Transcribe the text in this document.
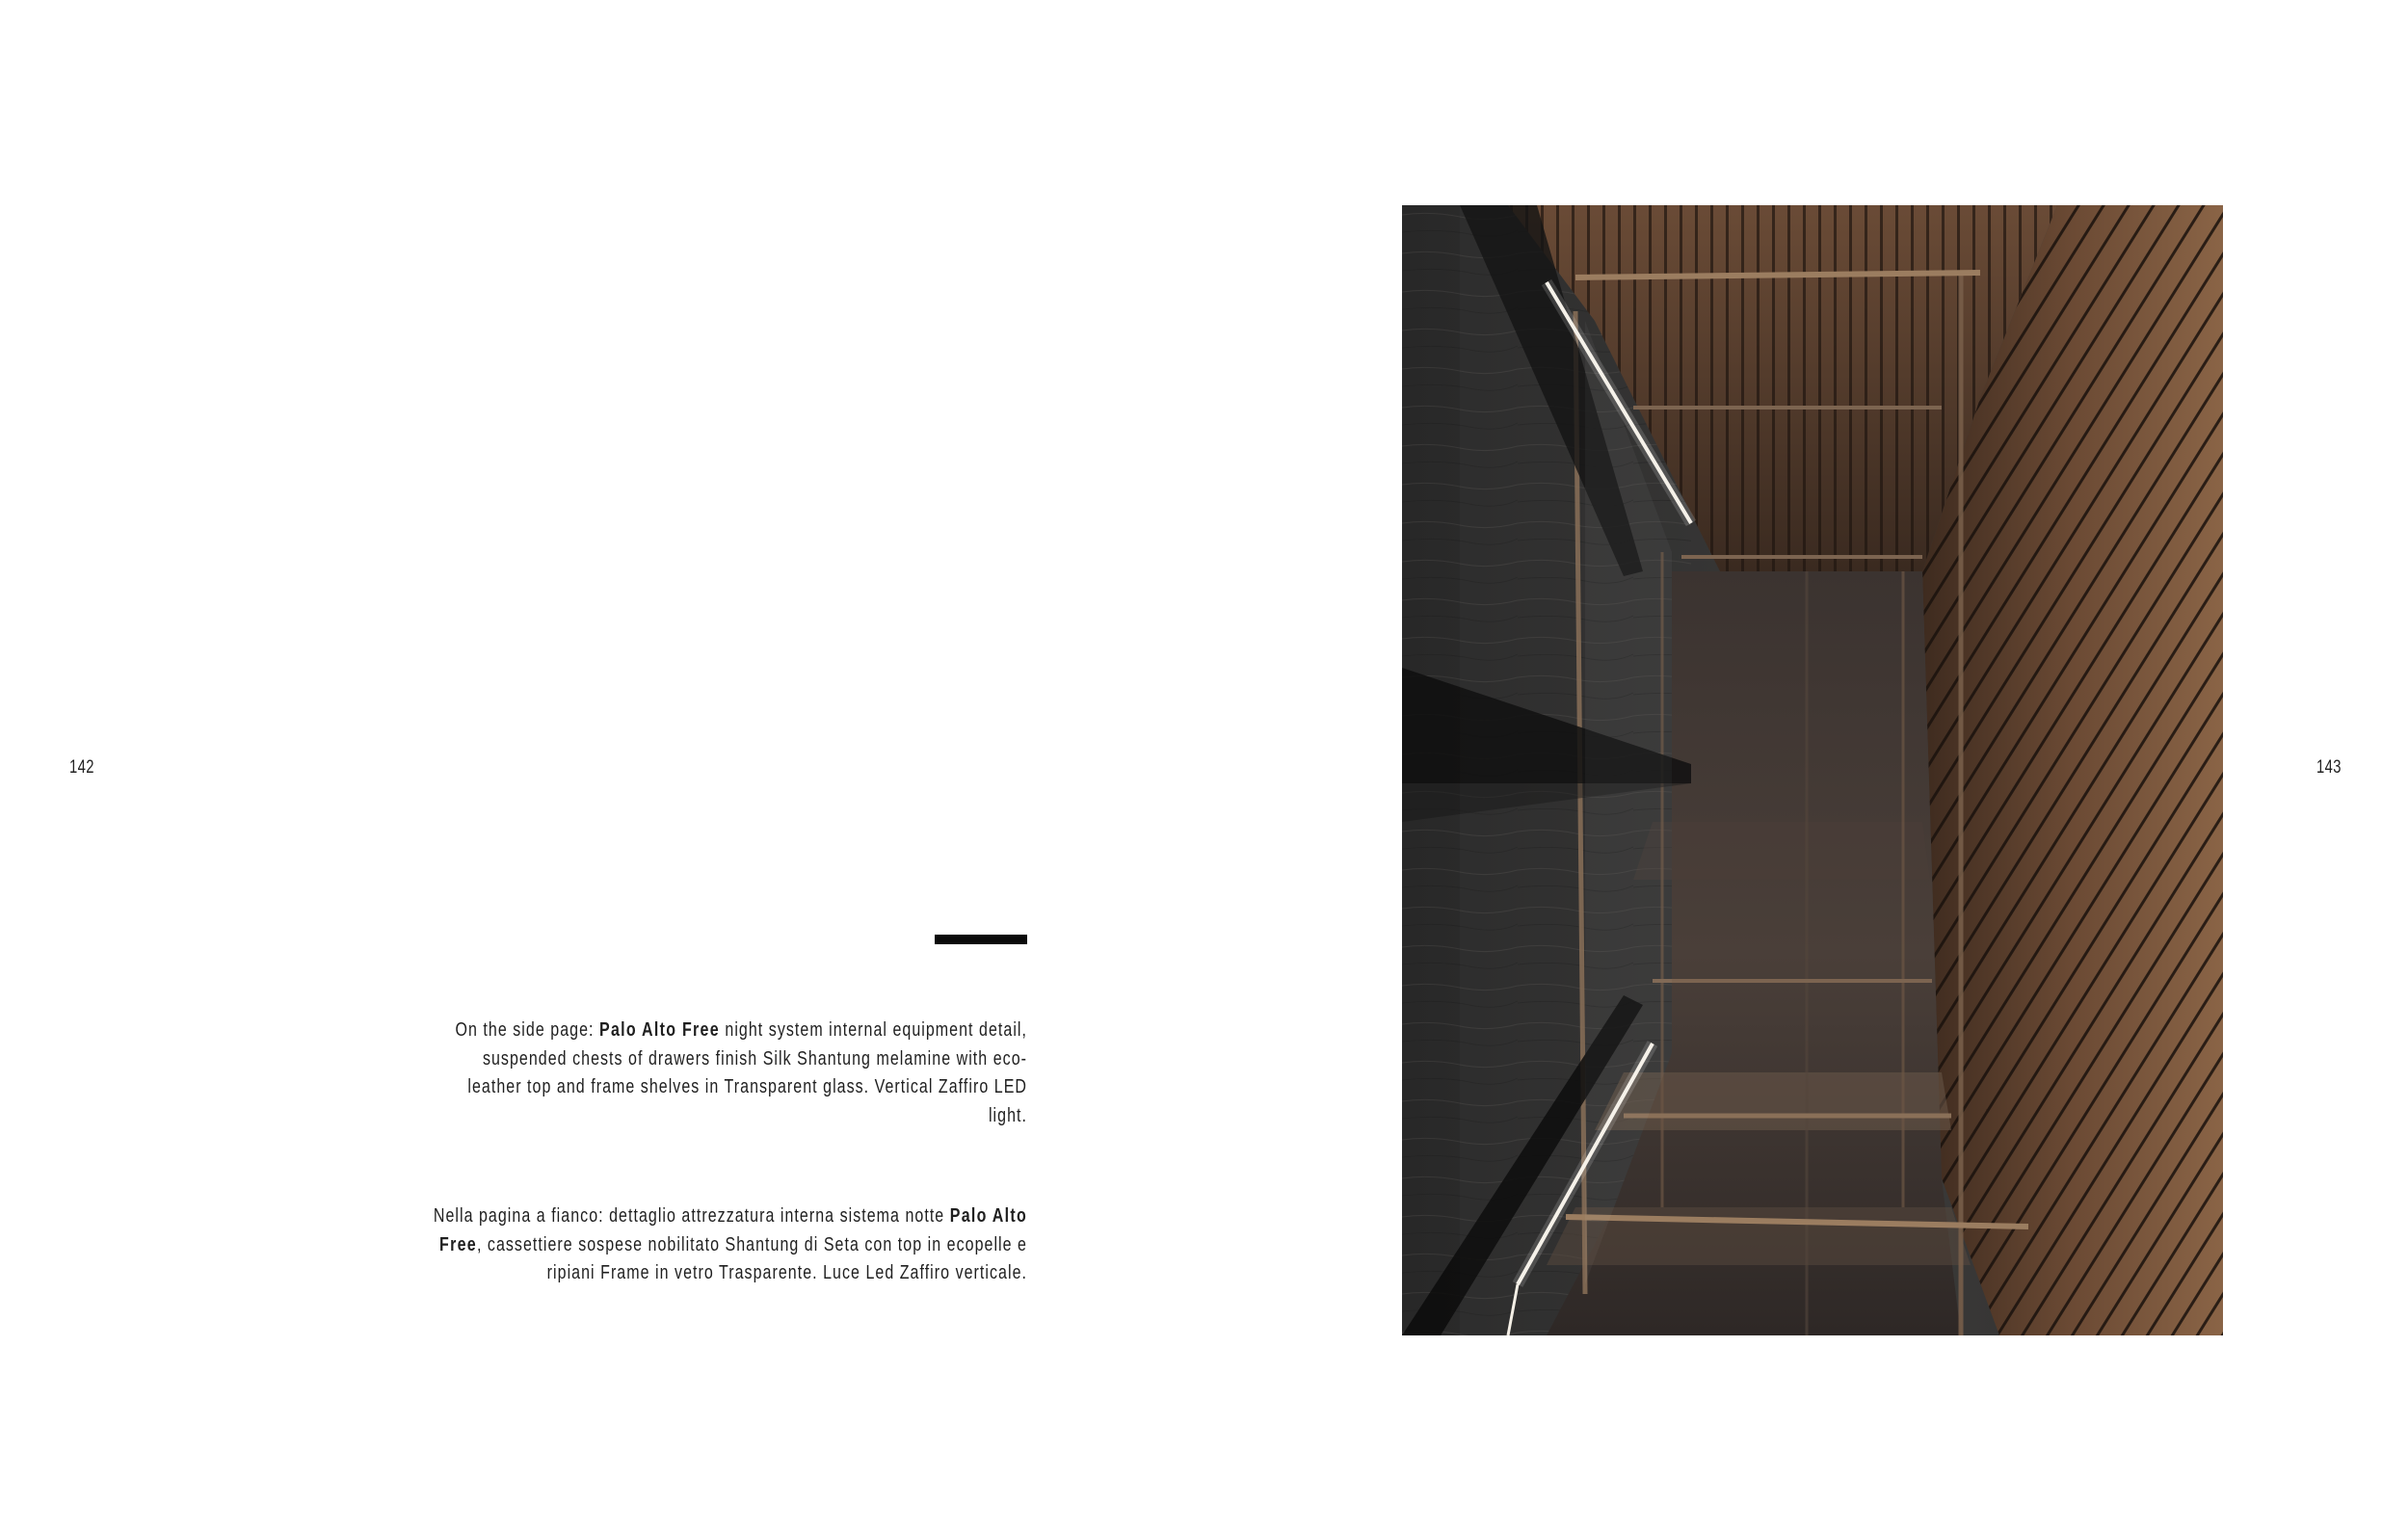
142	143
On the side page: Palo Alto Free night system internal equipment detail, suspended chests of drawers finish Silk Shantung melamine with eco-leather top and frame shelves in Transparent glass. Vertical Zaffiro LED light.
Nella pagina a fianco: dettaglio attrezzatura interna sistema notte Palo Alto Free, cassettiere sospese nobilitato Shantung di Seta con top in ecopelle e ripiani Frame in vetro Trasparente. Luce Led Zaffiro verticale.
